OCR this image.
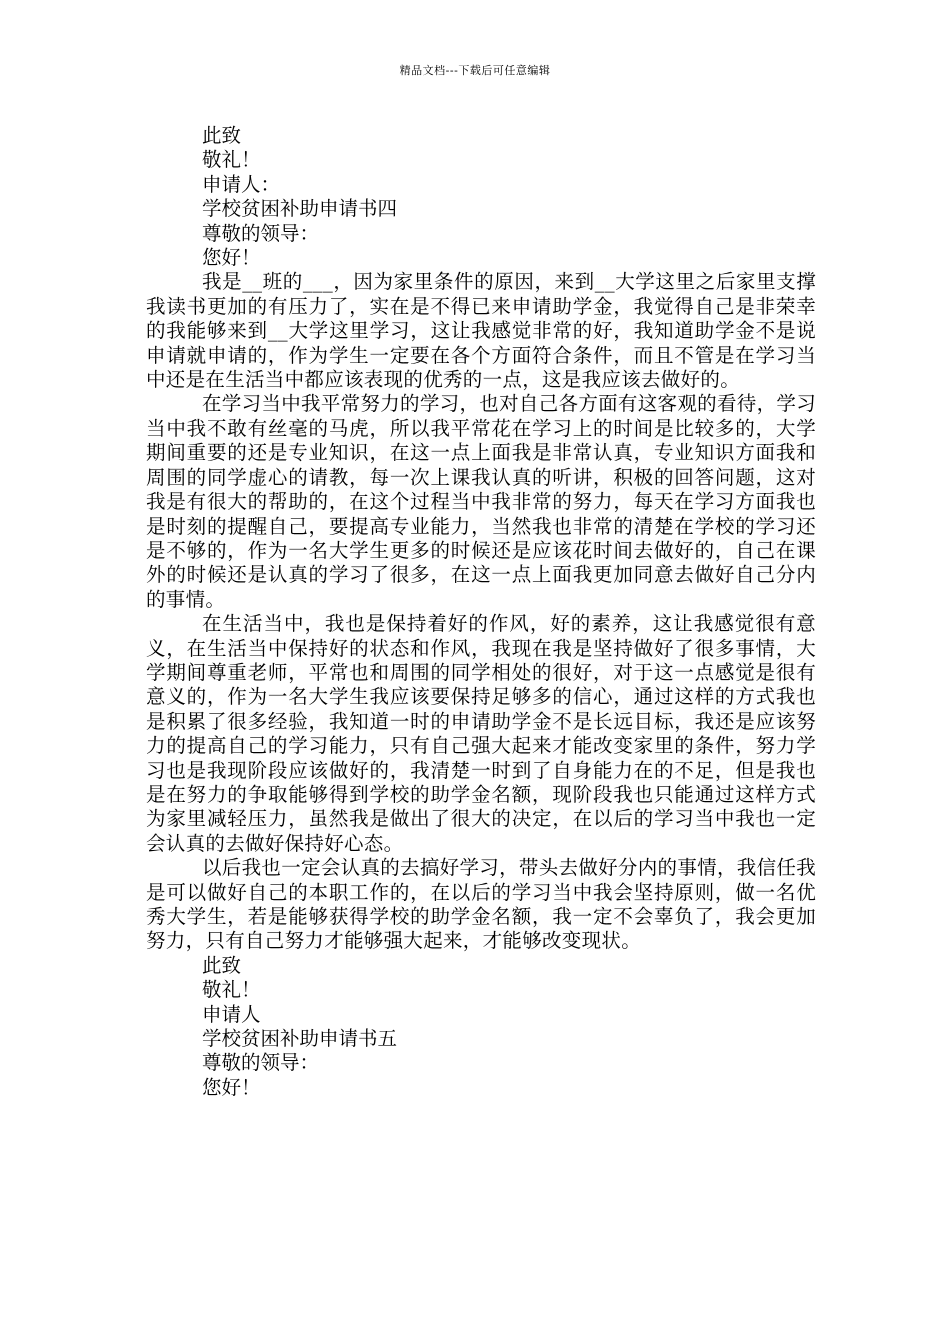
精品文档---下载后可任意编辑

此致

敬礼！

申请人：

学校贫困补助申请书四

尊敬的领导：

您好！

我是__班的___，因为家里条件的原因，来到__大学这里之后家里支撑我读书更加的有压力了，实在是不得已来申请助学金，我觉得自己是非荣幸的我能够来到__大学这里学习，这让我感觉非常的好，我知道助学金不是说申请就申请的，作为学生一定要在各个方面符合条件，而且不管是在学习当中还是在生活当中都应该表现的优秀的一点，这是我应该去做好的。

在学习当中我平常努力的学习，也对自己各方面有这客观的看待，学习当中我不敢有丝毫的马虎，所以我平常花在学习上的时间是比较多的，大学期间重要的还是专业知识，在这一点上面我是非常认真，专业知识方面我和周围的同学虚心的请教，每一次上课我认真的听讲，积极的回答问题，这对我是有很大的帮助的，在这个过程当中我非常的努力，每天在学习方面我也是时刻的提醒自己，要提高专业能力，当然我也非常的清楚在学校的学习还是不够的，作为一名大学生更多的时候还是应该花时间去做好的，自己在课外的时候还是认真的学习了很多，在这一点上面我更加同意去做好自己分内的事情。

在生活当中，我也是保持着好的作风，好的素养，这让我感觉很有意义，在生活当中保持好的状态和作风，我现在我是坚持做好了很多事情，大学期间尊重老师，平常也和周围的同学相处的很好，对于这一点感觉是很有意义的，作为一名大学生我应该要保持足够多的信心，通过这样的方式我也是积累了很多经验，我知道一时的申请助学金不是长远目标，我还是应该努力的提高自己的学习能力，只有自己强大起来才能改变家里的条件，努力学习也是我现阶段应该做好的，我清楚一时到了自身能力在的不足，但是我也是在努力的争取能够得到学校的助学金名额，现阶段我也只能通过这样方式为家里减轻压力，虽然我是做出了很大的决定，在以后的学习当中我也一定会认真的去做好保持好心态。

以后我也一定会认真的去搞好学习，带头去做好分内的事情，我信任我是可以做好自己的本职工作的，在以后的学习当中我会坚持原则，做一名优秀大学生，若是能够获得学校的助学金名额，我一定不会辜负了，我会更加努力，只有自己努力才能够强大起来，才能够改变现状。

此致

敬礼！

申请人

学校贫困补助申请书五

尊敬的领导：

您好！
